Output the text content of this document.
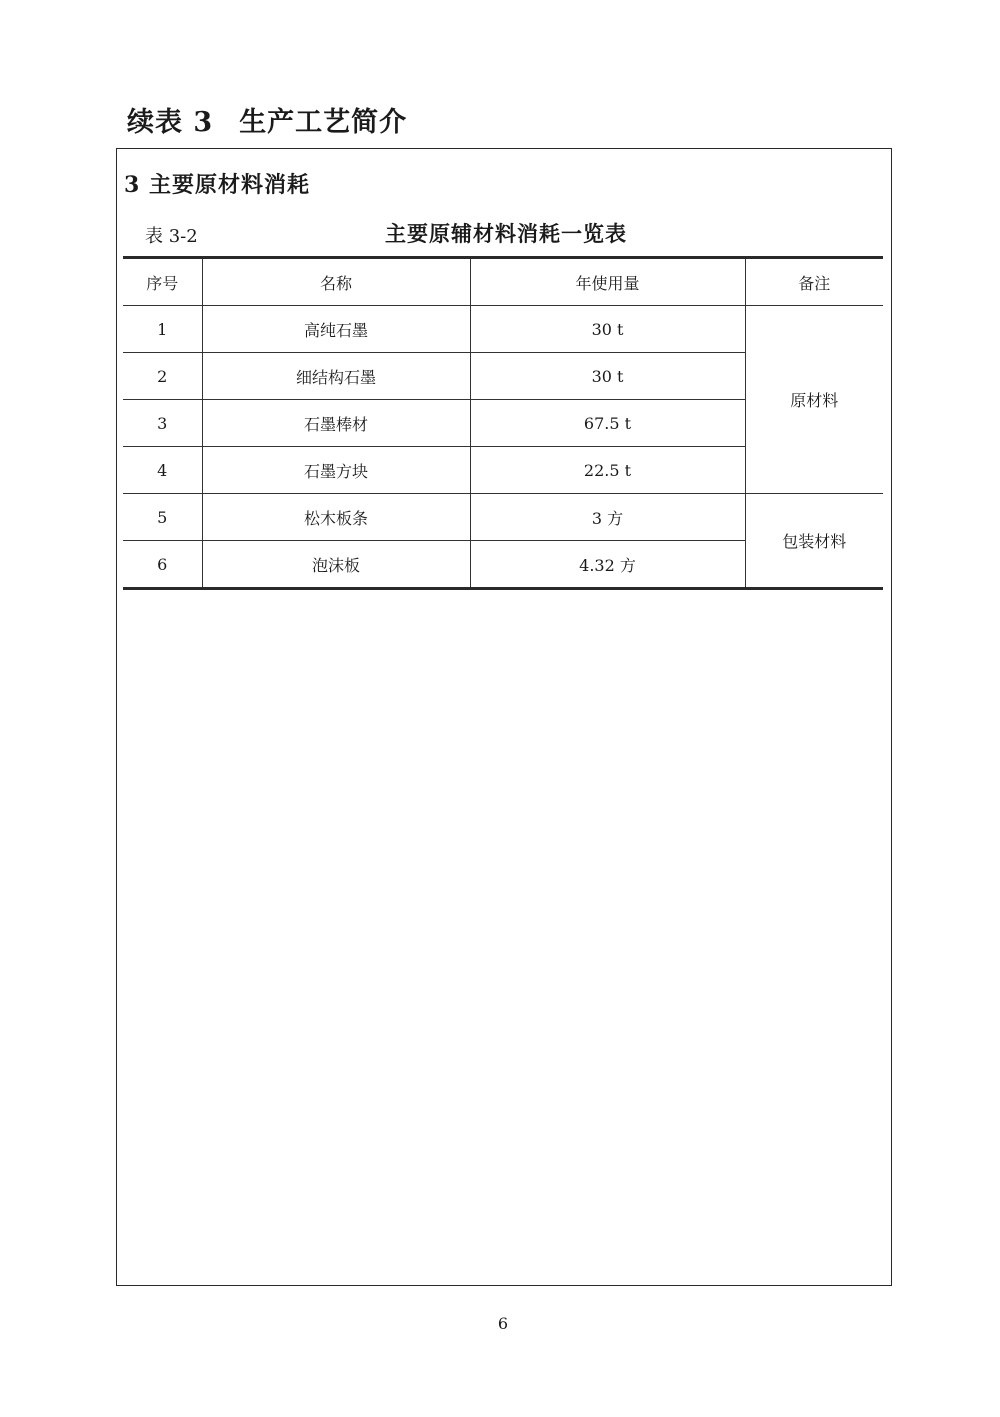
续表 3 生产工艺简介
3 主要原材料消耗
表 3-2	主要原辅材料消耗一览表
序号	名称	年使用量	备注
1	高纯石墨	30 t	原材料
2	细结构石墨	30 t	
3	石墨棒材	67.5 t	
4	石墨方块	22.5 t	
5	松木板条	3 方	包装材料
6	泡沫板	4.32 方	
6
